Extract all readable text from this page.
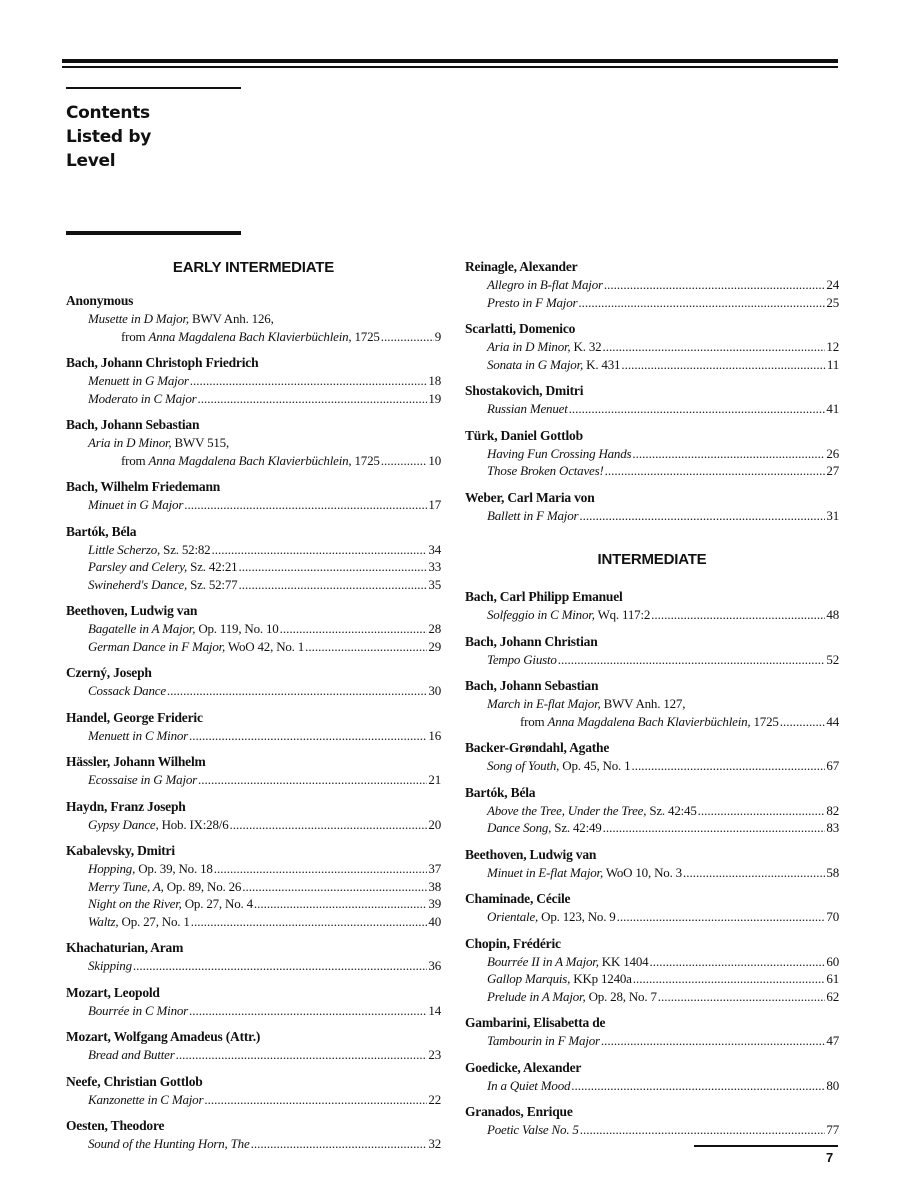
Contents
Listed by
Level
EARLY INTERMEDIATE
Anonymous
Musette in D Major, BWV Anh. 126,
from Anna Magdalena Bach Klavierbüchlein, 1725 .....	9
Bach, Johann Christoph Friedrich
Menuett in G Major .....	18
Moderato in C Major .....	19
Bach, Johann Sebastian
Aria in D Minor, BWV 515,
from Anna Magdalena Bach Klavierbüchlein, 1725 .....	10
Bach, Wilhelm Friedemann
Minuet in G Major .....	17
Bartók, Béla
Little Scherzo, Sz. 52:82 .....	34
Parsley and Celery, Sz. 42:21 .....	33
Swineherd's Dance, Sz. 52:77 .....	35
Beethoven, Ludwig van
Bagatelle in A Major, Op. 119, No. 10 .....	28
German Dance in F Major, WoO 42, No. 1 .....	29
Czerný, Joseph
Cossack Dance .....	30
Handel, George Frideric
Menuett in C Minor .....	16
Hässler, Johann Wilhelm
Ecossaise in G Major .....	21
Haydn, Franz Joseph
Gypsy Dance, Hob. IX:28/6 .....	20
Kabalevsky, Dmitri
Hopping, Op. 39, No. 18 .....	37
Merry Tune, A, Op. 89, No. 26 .....	38
Night on the River, Op. 27, No. 4 .....	39
Waltz, Op. 27, No. 1 .....	40
Khachaturian, Aram
Skipping .....	36
Mozart, Leopold
Bourrée in C Minor .....	14
Mozart, Wolfgang Amadeus (Attr.)
Bread and Butter .....	23
Neefe, Christian Gottlob
Kanzonette in C Major .....	22
Oesten, Theodore
Sound of the Hunting Horn, The .....	32
Reinagle, Alexander
Allegro in B-flat Major .....	24
Presto in F Major .....	25
Scarlatti, Domenico
Aria in D Minor, K. 32 .....	12
Sonata in G Major, K. 431 .....	11
Shostakovich, Dmitri
Russian Menuet .....	41
Türk, Daniel Gottlob
Having Fun Crossing Hands .....	26
Those Broken Octaves! .....	27
Weber, Carl Maria von
Ballett in F Major .....	31
INTERMEDIATE
Bach, Carl Philipp Emanuel
Solfeggio in C Minor, Wq. 117:2 .....	48
Bach, Johann Christian
Tempo Giusto .....	52
Bach, Johann Sebastian
March in E-flat Major, BWV Anh. 127,
from Anna Magdalena Bach Klavierbüchlein, 1725 .....	44
Backer-Grøndahl, Agathe
Song of Youth, Op. 45, No. 1 .....	67
Bartók, Béla
Above the Tree, Under the Tree, Sz. 42:45 .....	82
Dance Song, Sz. 42:49 .....	83
Beethoven, Ludwig van
Minuet in E-flat Major, WoO 10, No. 3 .....	58
Chaminade, Cécile
Orientale, Op. 123, No. 9 .....	70
Chopin, Frédéric
Bourrée II in A Major, KK 1404 .....	60
Gallop Marquis, KKp 1240a .....	61
Prelude in A Major, Op. 28, No. 7 .....	62
Gambarini, Elisabetta de
Tambourin in F Major .....	47
Goedicke, Alexander
In a Quiet Mood .....	80
Granados, Enrique
Poetic Valse No. 5 .....	77
7
